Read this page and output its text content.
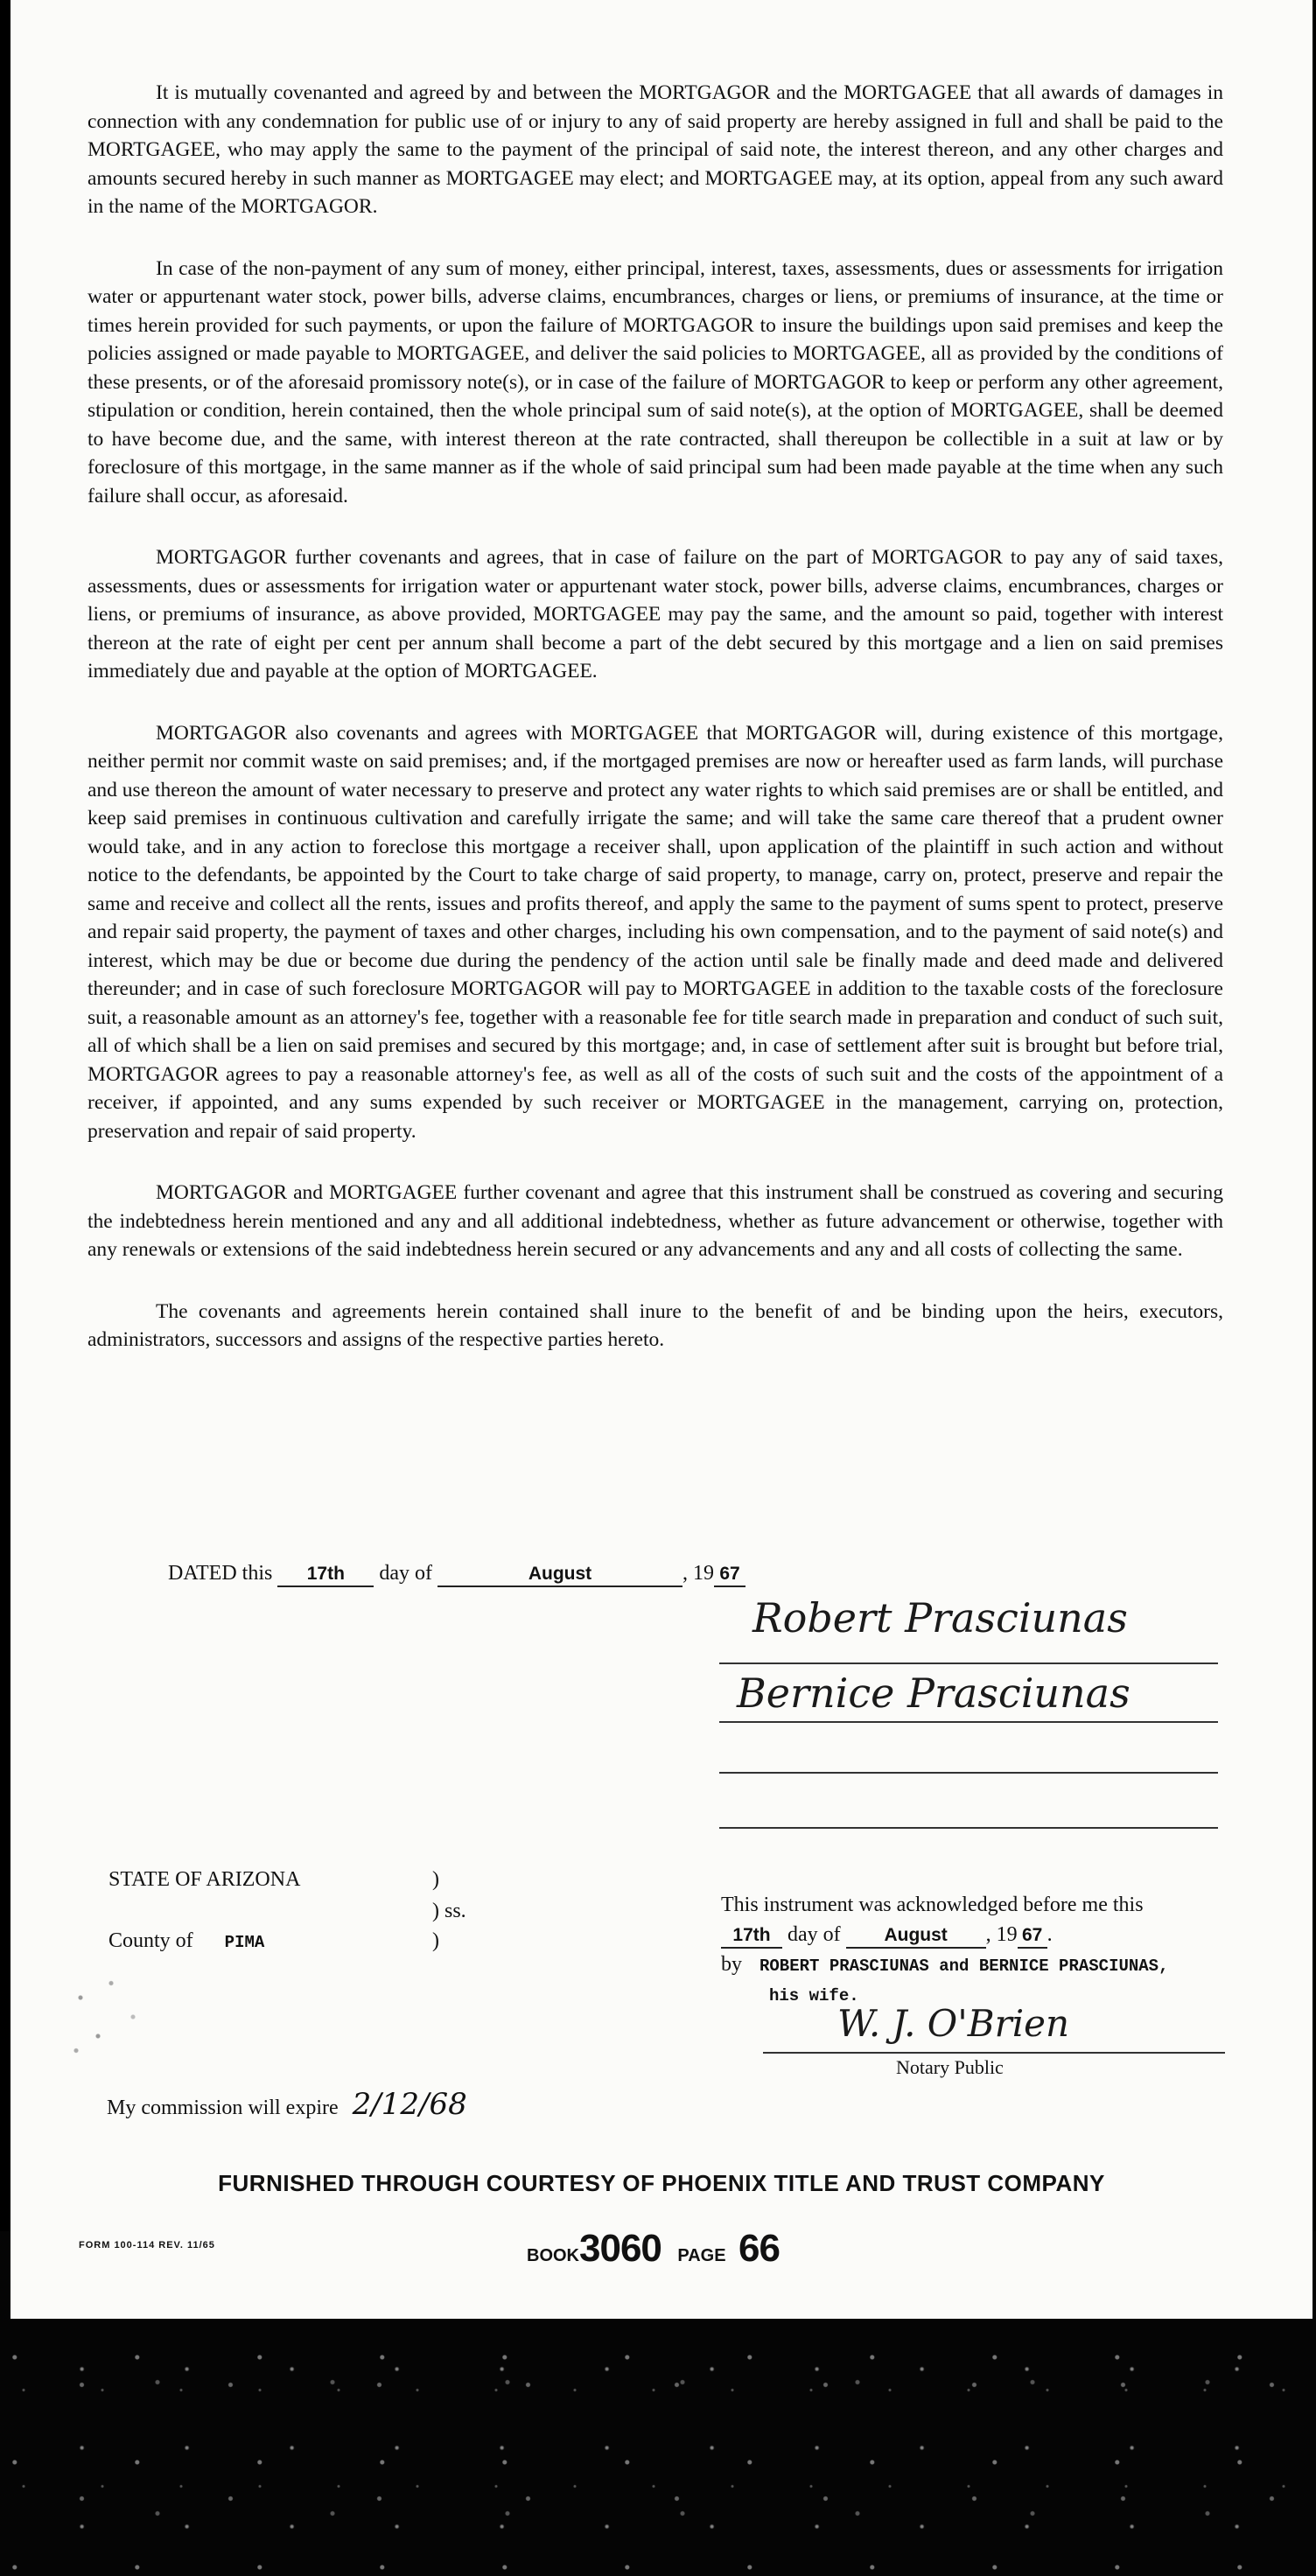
It is mutually covenanted and agreed by and between the MORTGAGOR and the MORTGAGEE that all awards of damages in connection with any condemnation for public use of or injury to any of said property are hereby assigned in full and shall be paid to the MORTGAGEE, who may apply the same to the payment of the principal of said note, the interest thereon, and any other charges and amounts secured hereby in such manner as MORTGAGEE may elect; and MORTGAGEE may, at its option, appeal from any such award in the name of the MORTGAGOR.

In case of the non-payment of any sum of money, either principal, interest, taxes, assessments, dues or assessments for irrigation water or appurtenant water stock, power bills, adverse claims, encumbrances, charges or liens, or premiums of insurance, at the time or times herein provided for such payments, or upon the failure of MORTGAGOR to insure the buildings upon said premises and keep the policies assigned or made payable to MORTGAGEE, and deliver the said policies to MORTGAGEE, all as provided by the conditions of these presents, or of the aforesaid promissory note(s), or in case of the failure of MORTGAGOR to keep or perform any other agreement, stipulation or condition, herein contained, then the whole principal sum of said note(s), at the option of MORTGAGEE, shall be deemed to have become due, and the same, with interest thereon at the rate contracted, shall thereupon be collectible in a suit at law or by foreclosure of this mortgage, in the same manner as if the whole of said principal sum had been made payable at the time when any such failure shall occur, as aforesaid.

MORTGAGOR further covenants and agrees, that in case of failure on the part of MORTGAGOR to pay any of said taxes, assessments, dues or assessments for irrigation water or appurtenant water stock, power bills, adverse claims, encumbrances, charges or liens, or premiums of insurance, as above provided, MORTGAGEE may pay the same, and the amount so paid, together with interest thereon at the rate of eight per cent per annum shall become a part of the debt secured by this mortgage and a lien on said premises immediately due and payable at the option of MORTGAGEE.

MORTGAGOR also covenants and agrees with MORTGAGEE that MORTGAGOR will, during existence of this mortgage, neither permit nor commit waste on said premises; and, if the mortgaged premises are now or hereafter used as farm lands, will purchase and use thereon the amount of water necessary to preserve and protect any water rights to which said premises are or shall be entitled, and keep said premises in continuous cultivation and carefully irrigate the same; and will take the same care thereof that a prudent owner would take, and in any action to foreclose this mortgage a receiver shall, upon application of the plaintiff in such action and without notice to the defendants, be appointed by the Court to take charge of said property, to manage, carry on, protect, preserve and repair the same and receive and collect all the rents, issues and profits thereof, and apply the same to the payment of sums spent to protect, preserve and repair said property, the payment of taxes and other charges, including his own compensation, and to the payment of said note(s) and interest, which may be due or become due during the pendency of the action until sale be finally made and deed made and delivered thereunder; and in case of such foreclosure MORTGAGOR will pay to MORTGAGEE in addition to the taxable costs of the foreclosure suit, a reasonable amount as an attorney's fee, together with a reasonable fee for title search made in preparation and conduct of such suit, all of which shall be a lien on said premises and secured by this mortgage; and, in case of settlement after suit is brought but before trial, MORTGAGOR agrees to pay a reasonable attorney's fee, as well as all of the costs of such suit and the costs of the appointment of a receiver, if appointed, and any sums expended by such receiver or MORTGAGEE in the management, carrying on, protection, preservation and repair of said property.

MORTGAGOR and MORTGAGEE further covenant and agree that this instrument shall be construed as covering and securing the indebtedness herein mentioned and any and all additional indebtedness, whether as future advancement or otherwise, together with any renewals or extensions of the said indebtedness herein secured or any advancements and any and all costs of collecting the same.

The covenants and agreements herein contained shall inure to the benefit of and be binding upon the heirs, executors, administrators, successors and assigns of the respective parties hereto.

DATED this 17th day of	August	, 19 67
Robert Prasciunas
Bernice Prasciunas
STATE OF ARIZONA	)
) ss.
County of PIMA	)
This instrument was acknowledged before me this
17th day of August , 19 67 .
by ROBERT PRASCIUNAS and BERNICE PRASCIUNAS,
his wife.
W. J. O'Brien
Notary Public
My commission will expire 2/12/68
FURNISHED THROUGH COURTESY OF PHOENIX TITLE AND TRUST COMPANY
FORM 100-114 REV. 11/65
BOOK3060 PAGE 66
